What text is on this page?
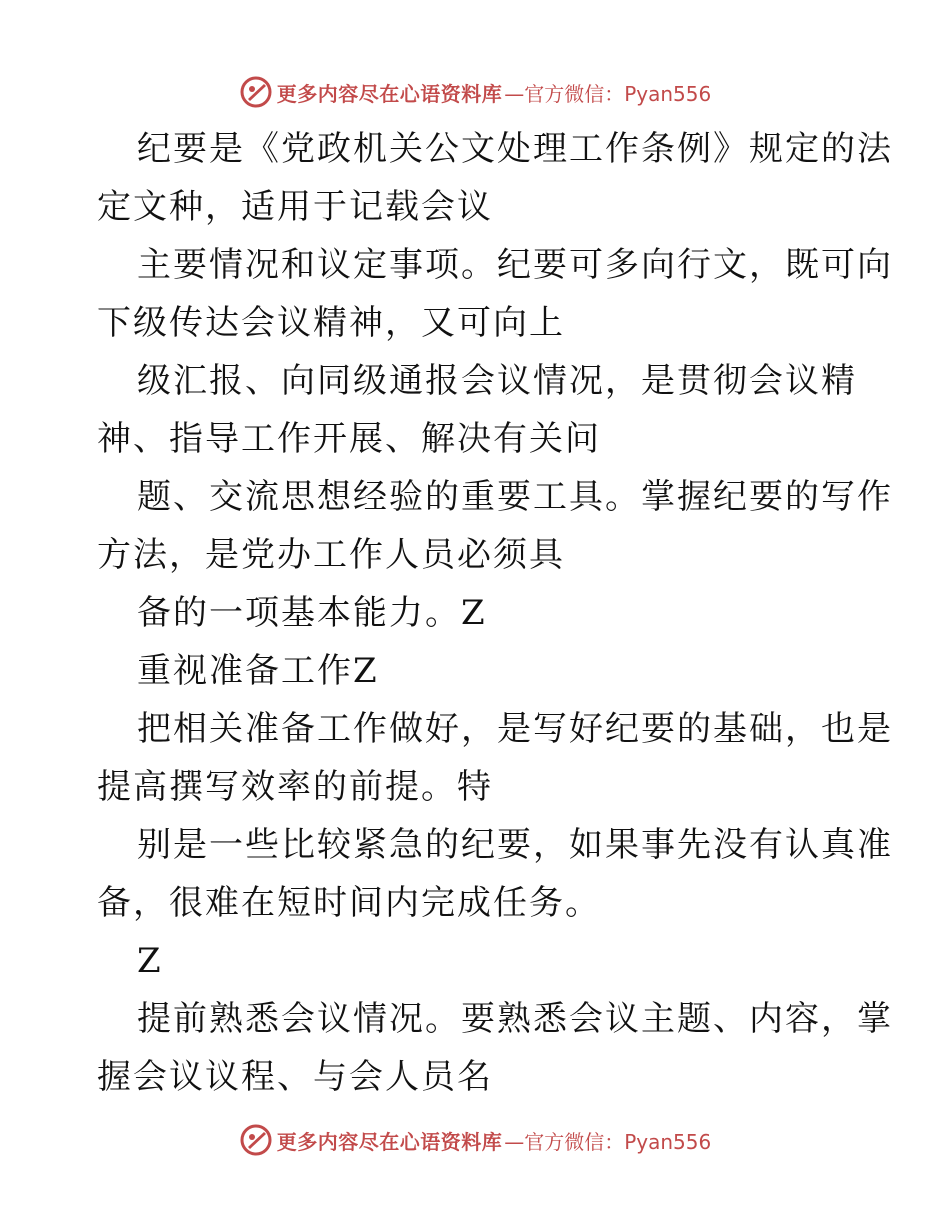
更多内容尽在心语资料库 —官方微信：Pyan556
纪要是《党政机关公文处理工作条例》规定的法
定文种，适用于记载会议
主要情况和议定事项。纪要可多向行文，既可向
下级传达会议精神，又可向上
级汇报、向同级通报会议情况，是贯彻会议精
神、指导工作开展、解决有关问
题、交流思想经验的重要工具。掌握纪要的写作
方法，是党办工作人员必须具
备的一项基本能力。Z
重视准备工作Z
把相关准备工作做好，是写好纪要的基础，也是
提高撰写效率的前提。特
别是一些比较紧急的纪要，如果事先没有认真准
备，很难在短时间内完成任务。
Z
提前熟悉会议情况。要熟悉会议主题、内容，掌
握会议议程、与会人员名
更多内容尽在心语资料库 —官方微信：Pyan556
